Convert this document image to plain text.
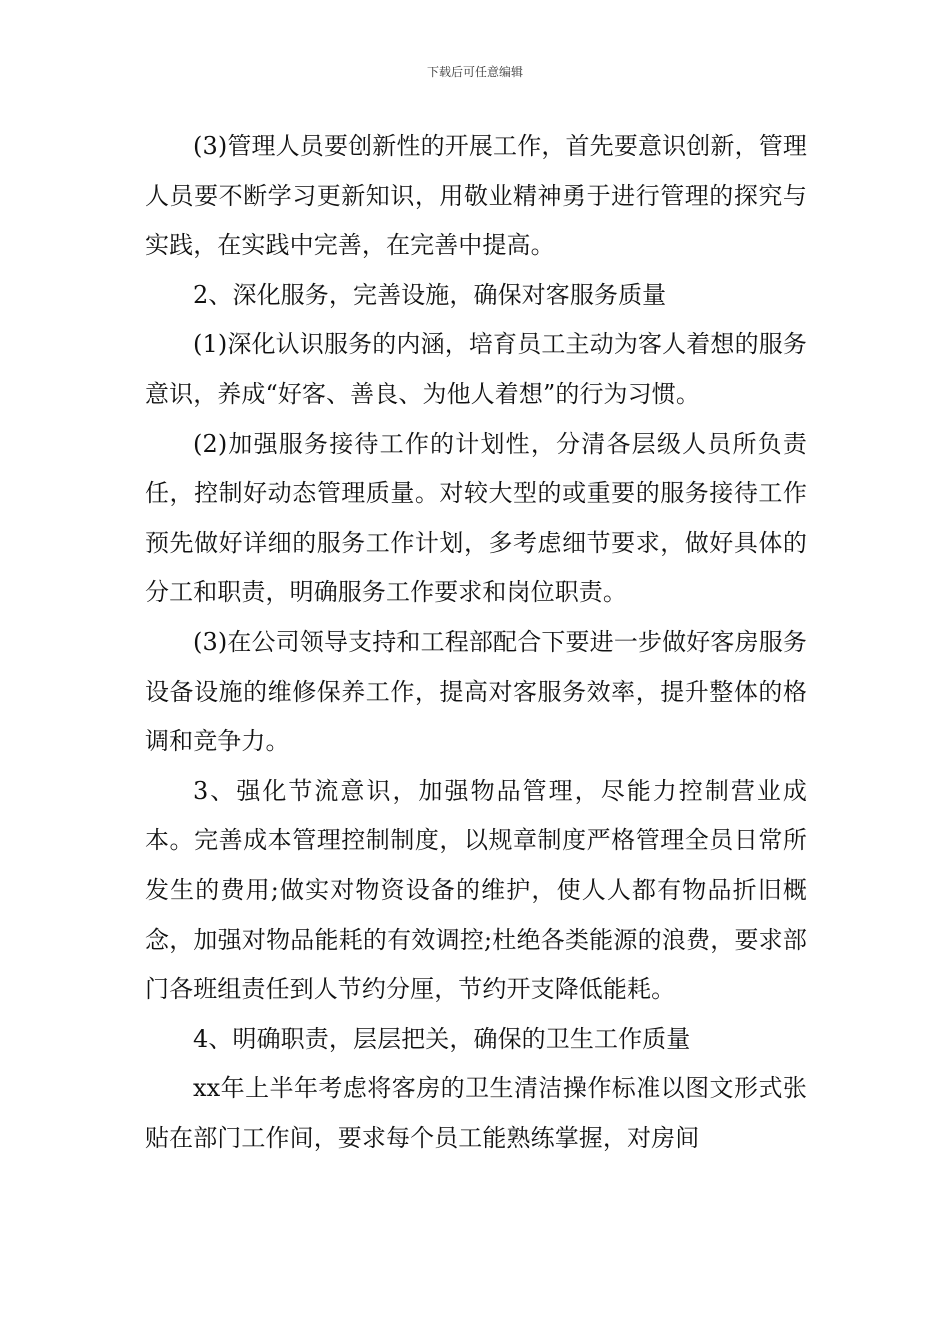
下载后可任意编辑

(3)管理人员要创新性的开展工作，首先要意识创新，管理人员要不断学习更新知识，用敬业精神勇于进行管理的探究与实践，在实践中完善，在完善中提高。

2、深化服务，完善设施，确保对客服务质量

(1)深化认识服务的内涵，培育员工主动为客人着想的服务意识，养成“好客、善良、为他人着想”的行为习惯。

(2)加强服务接待工作的计划性，分清各层级人员所负责任，控制好动态管理质量。对较大型的或重要的服务接待工作预先做好详细的服务工作计划，多考虑细节要求，做好具体的分工和职责，明确服务工作要求和岗位职责。

(3)在公司领导支持和工程部配合下要进一步做好客房服务设备设施的维修保养工作，提高对客服务效率，提升整体的格调和竞争力。

3、强化节流意识，加强物品管理，尽能力控制营业成本。完善成本管理控制制度，以规章制度严格管理全员日常所发生的费用;做实对物资设备的维护，使人人都有物品折旧概念，加强对物品能耗的有效调控;杜绝各类能源的浪费，要求部门各班组责任到人节约分厘，节约开支降低能耗。

4、明确职责，层层把关，确保的卫生工作质量

xx年上半年考虑将客房的卫生清洁操作标准以图文形式张贴在部门工作间，要求每个员工能熟练掌握，对房间
